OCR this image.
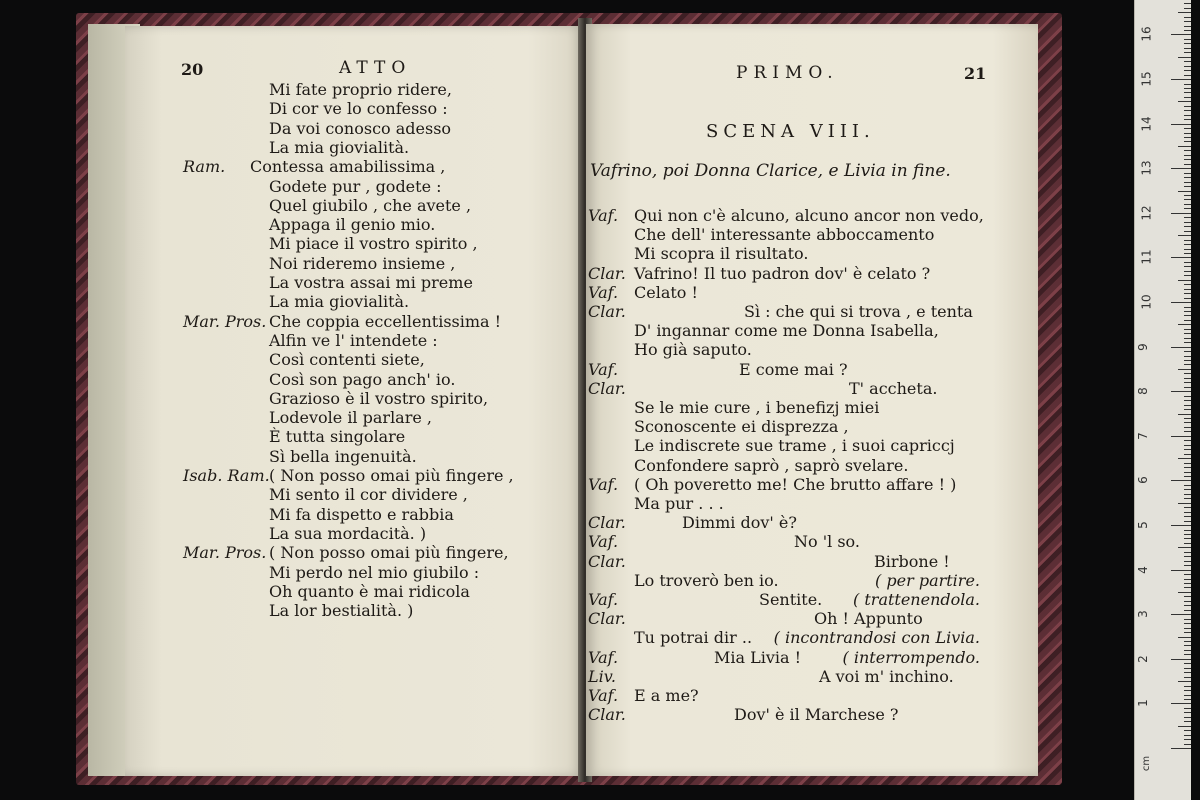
20	ATTO
Mi fate proprio ridere,
Di cor ve lo confesso :
Da voi conosco adesso
La mia giovialità.
Ram. Contessa amabilissima ,
Godete pur , godete :
Quel giubilo , che avete ,
Appaga il genio mio.
Mi piace il vostro spirito ,
Noi rideremo insieme ,
La vostra assai mi preme
La mia giovialità.
Mar. Pros. Che coppia eccellentissima !
Alfin ve l' intendete :
Così contenti siete,
Così son pago anch' io.
Grazioso è il vostro spirito,
Lodevole il parlare ,
È tutta singolare
Sì bella ingenuità.
Isab. Ram. ( Non posso omai più fingere ,
Mi sento il cor dividere ,
Mi fa dispetto e rabbia
La sua mordacità. )
Mar. Pros. ( Non posso omai più fingere,
Mi perdo nel mio giubilo :
Oh quanto è mai ridicola
La lor bestialità. )
PRIMO.	21
SCENA VIII.
Vafrino, poi Donna Clarice, e Livia in fine.
Vaf. Qui non c'è alcuno, alcuno ancor non vedo,
Che dell' interessante abboccamento
Mi scopra il risultato.
Clar. Vafrino! Il tuo padron dov' è celato ?
Vaf. Celato !
Clar.	Sì : che qui si trova , e tenta
D' ingannar come me Donna Isabella,
Ho già saputo.
Vaf.	E come mai ?
Clar.	T' accheta.
Se le mie cure , i benefizj miei
Sconoscente ei disprezza ,
Le indiscrete sue trame , i suoi capriccj
Confondere saprò , saprò svelare.
Vaf. ( Oh poveretto me! Che brutto affare ! )
Ma pur . . .
Clar.	Dimmi dov' è?
Vaf.	No 'l so.
Clar.	Birbone !
Lo troverò ben io.	( per partire.
Vaf.	Sentite. ( trattenendola.
Clar.	Oh ! Appunto
Tu potrai dir .. ( incontrandosi con Livia.
Vaf.	Mia Livia !	( interrompendo.
Liv.	A voi m' inchino.
Vaf. E a me?
Clar.	Dov' è il Marchese ?
cm
1
2
3
4
5
6
7
8
9
10
11
12
13
14
15
16
